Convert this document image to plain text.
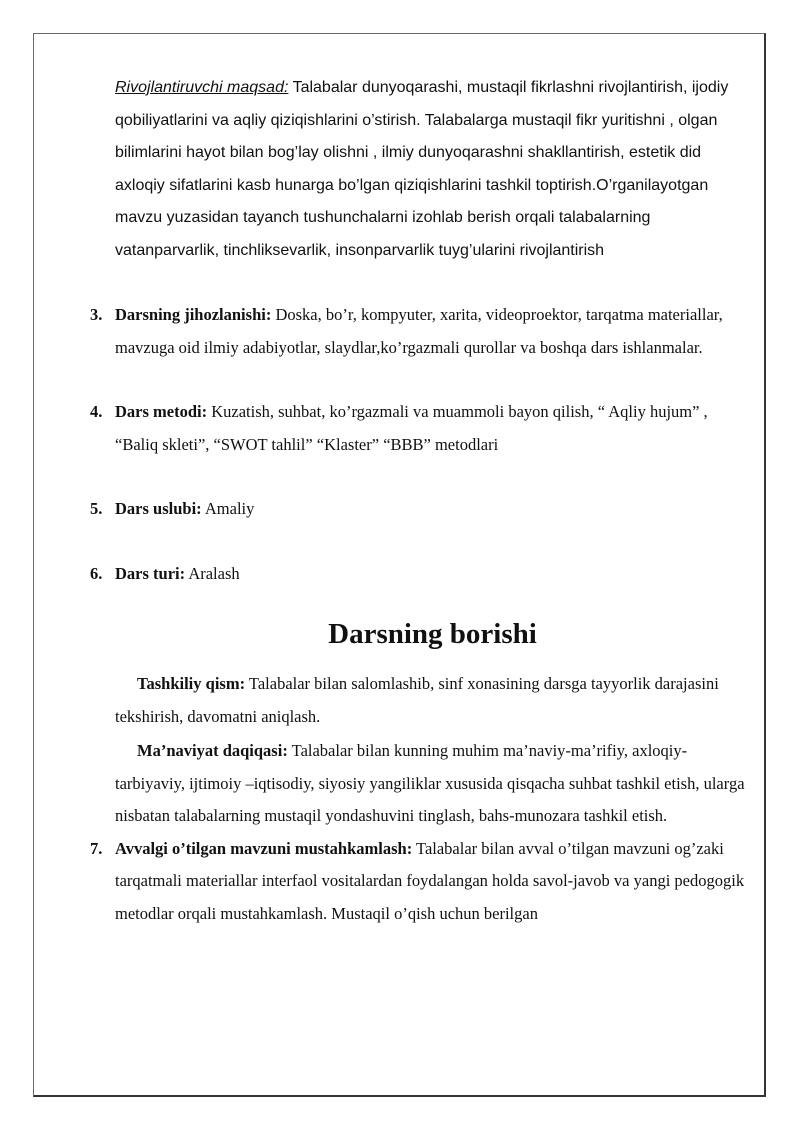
Rivojlantiruvchi maqsad: Talabalar dunyoqarashi, mustaqil fikrlashni rivojlantirish, ijodiy qobiliyatlarini va aqliy qiziqishlarini o’stirish. Talabalarga mustaqil fikr yuritishni , olgan bilimlarini hayot bilan bog’lay olishni , ilmiy dunyoqarashni shakllantirish, estetik did axloqiy sifatlarini kasb hunarga bo’lgan qiziqishlarini tashkil toptirish.O’rganilayotgan mavzu yuzasidan tayanch tushunchalarni izohlab berish orqali talabalarning vatanparvarlik, tinchliksevarlik, insonparvarlik tuyg’ularini rivojlantirish
3. Darsning jihozlanishi: Doska, bo’r, kompyuter, xarita, videoproektor, tarqatma materiallar, mavzuga oid ilmiy adabiyotlar, slaydlar,ko’rgazmali qurollar va boshqa dars ishlanmalar.
4. Dars metodi: Kuzatish, suhbat, ko’rgazmali va muammoli bayon qilish, “ Aqliy hujum” , “Baliq skleti”, “SWOT tahlil” “Klaster” “BBB” metodlari
5. Dars uslubi: Amaliy
6. Dars turi: Aralash
Darsning borishi
Tashkiliy qism: Talabalar bilan salomlashib, sinf xonasining darsga tayyorlik darajasini tekshirish, davomatni aniqlash.
Ma’naviyat daqiqasi: Talabalar bilan kunning muhim ma’naviy-ma’rifiy, axloqiy-tarbiyaviy, ijtimoiy –iqtisodiy, siyosiy yangiliklar xususida qisqacha suhbat tashkil etish, ularga nisbatan talabalarning mustaqil yondashuvini tinglash, bahs-munozara tashkil etish.
7. Avvalgi o’tilgan mavzuni mustahkamlash: Talabalar bilan avval o’tilgan mavzuni og’zaki tarqatmali materiallar interfaol vositalardan foydalangan holda savol-javob va yangi pedogogik metodlar orqali mustahkamlash. Mustaqil o’qish uchun berilgan
